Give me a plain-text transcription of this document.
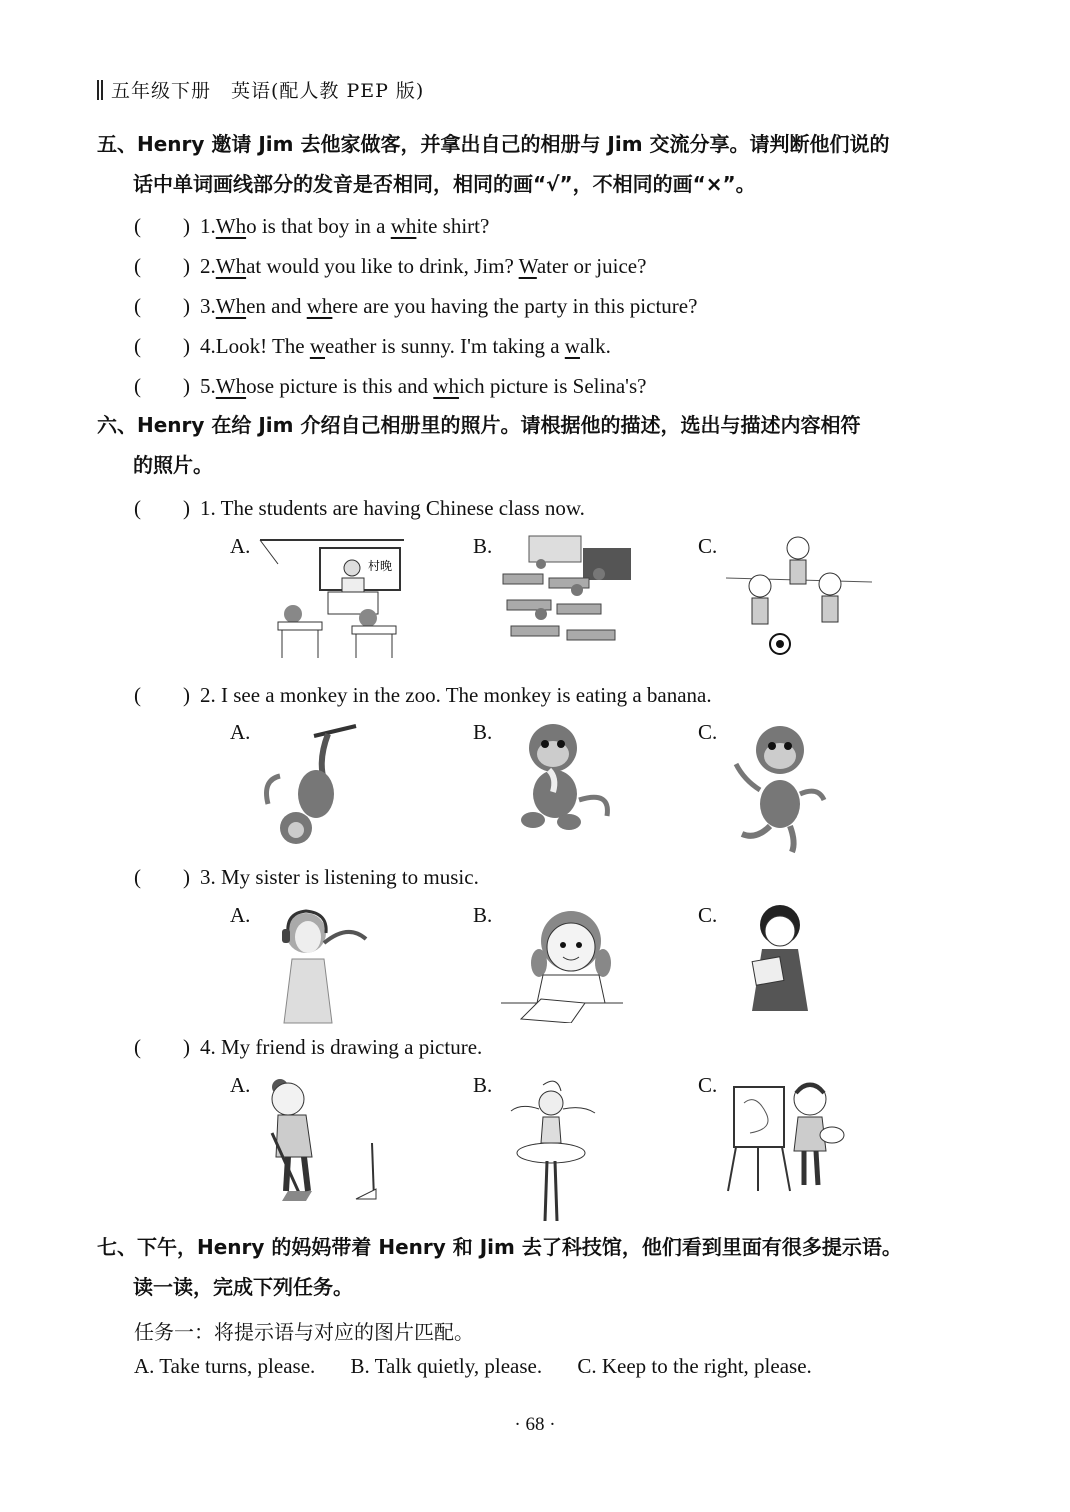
五年级下册　英语(配人教 PEP 版)
五、Henry 邀请 Jim 去他家做客，并拿出自己的相册与 Jim 交流分享。请判断他们说的
话中单词画线部分的发音是否相同，相同的画“√”，不相同的画“×”。
(　　) 1.Who is that boy in a white shirt?
(　　) 2.What would you like to drink, Jim? Water or juice?
(　　) 3.When and where are you having the party in this picture?
(　　) 4.Look! The weather is sunny. I'm taking a walk.
(　　) 5.Whose picture is this and which picture is Selina's?
六、Henry 在给 Jim 介绍自己相册里的照片。请根据他的描述，选出与描述内容相符
的照片。
(　　) 1. The students are having Chinese class now.
A.
村晚
B.	C.
(　　) 2. I see a monkey in the zoo. The monkey is eating a banana.
A.	B.	C.
(　　) 3. My sister is listening to music.
A.	B.	C.
(　　) 4. My friend is drawing a picture.
A.	B.	C.
七、下午，Henry 的妈妈带着 Henry 和 Jim 去了科技馆，他们看到里面有很多提示语。
读一读，完成下列任务。
任务一：将提示语与对应的图片匹配。
A. Take turns, please. B. Talk quietly, please. C. Keep to the right, please.
· 68 ·
